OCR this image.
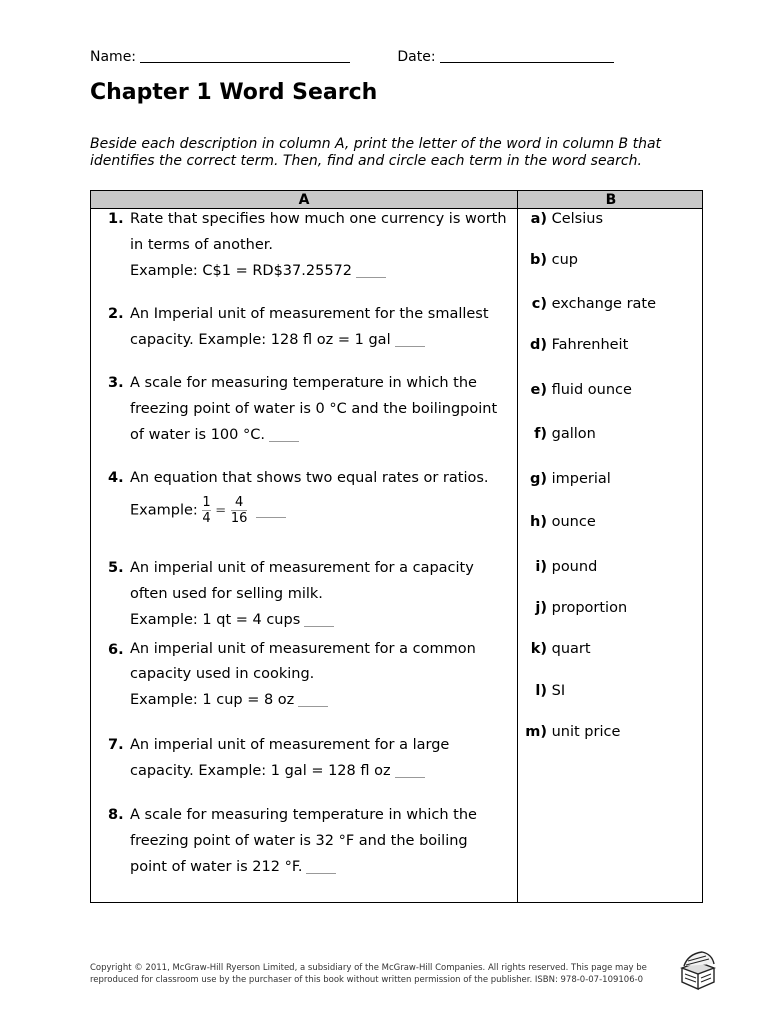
Name:	Date:
Chapter 1 Word Search
Beside each description in column A, print the letter of the word in column B that identifies the correct term. Then, find and circle each term in the word search.
A	B
1. Rate that specifies how much one currency is worth in terms of another.
Example: C$1 = RD$37.25572
2. An Imperial unit of measurement for the smallest capacity. Example: 128 fl oz = 1 gal
3. A scale for measuring temperature in which the freezing point of water is 0 °C and the boilingpoint of water is 100 °C.
4. An equation that shows two equal rates or ratios.
Example: $\frac{1}{4} = \frac{4}{16}$

5. An imperial unit of measurement for a capacity often used for selling milk.
Example: 1 qt = 4 cups
6. An imperial unit of measurement for a common capacity used in cooking.
Example: 1 cup = 8 oz
7. An imperial unit of measurement for a large capacity. Example: 1 gal = 128 fl oz
8. A scale for measuring temperature in which the freezing point of water is 32 °F and the boiling point of water is 212 °F.
a) Celsius
b) cup
c) exchange rate
d) Fahrenheit
e) fluid ounce
f) gallon
g) imperial
h) ounce
i) pound
j) proportion
k) quart
l) SI
m) unit price
Copyright © 2011, McGraw-Hill Ryerson Limited, a subsidiary of the McGraw-Hill Companies. All rights reserved. This page may be reproduced for classroom use by the purchaser of this book without written permission of the publisher. ISBN: 978-0-07-109106-0
